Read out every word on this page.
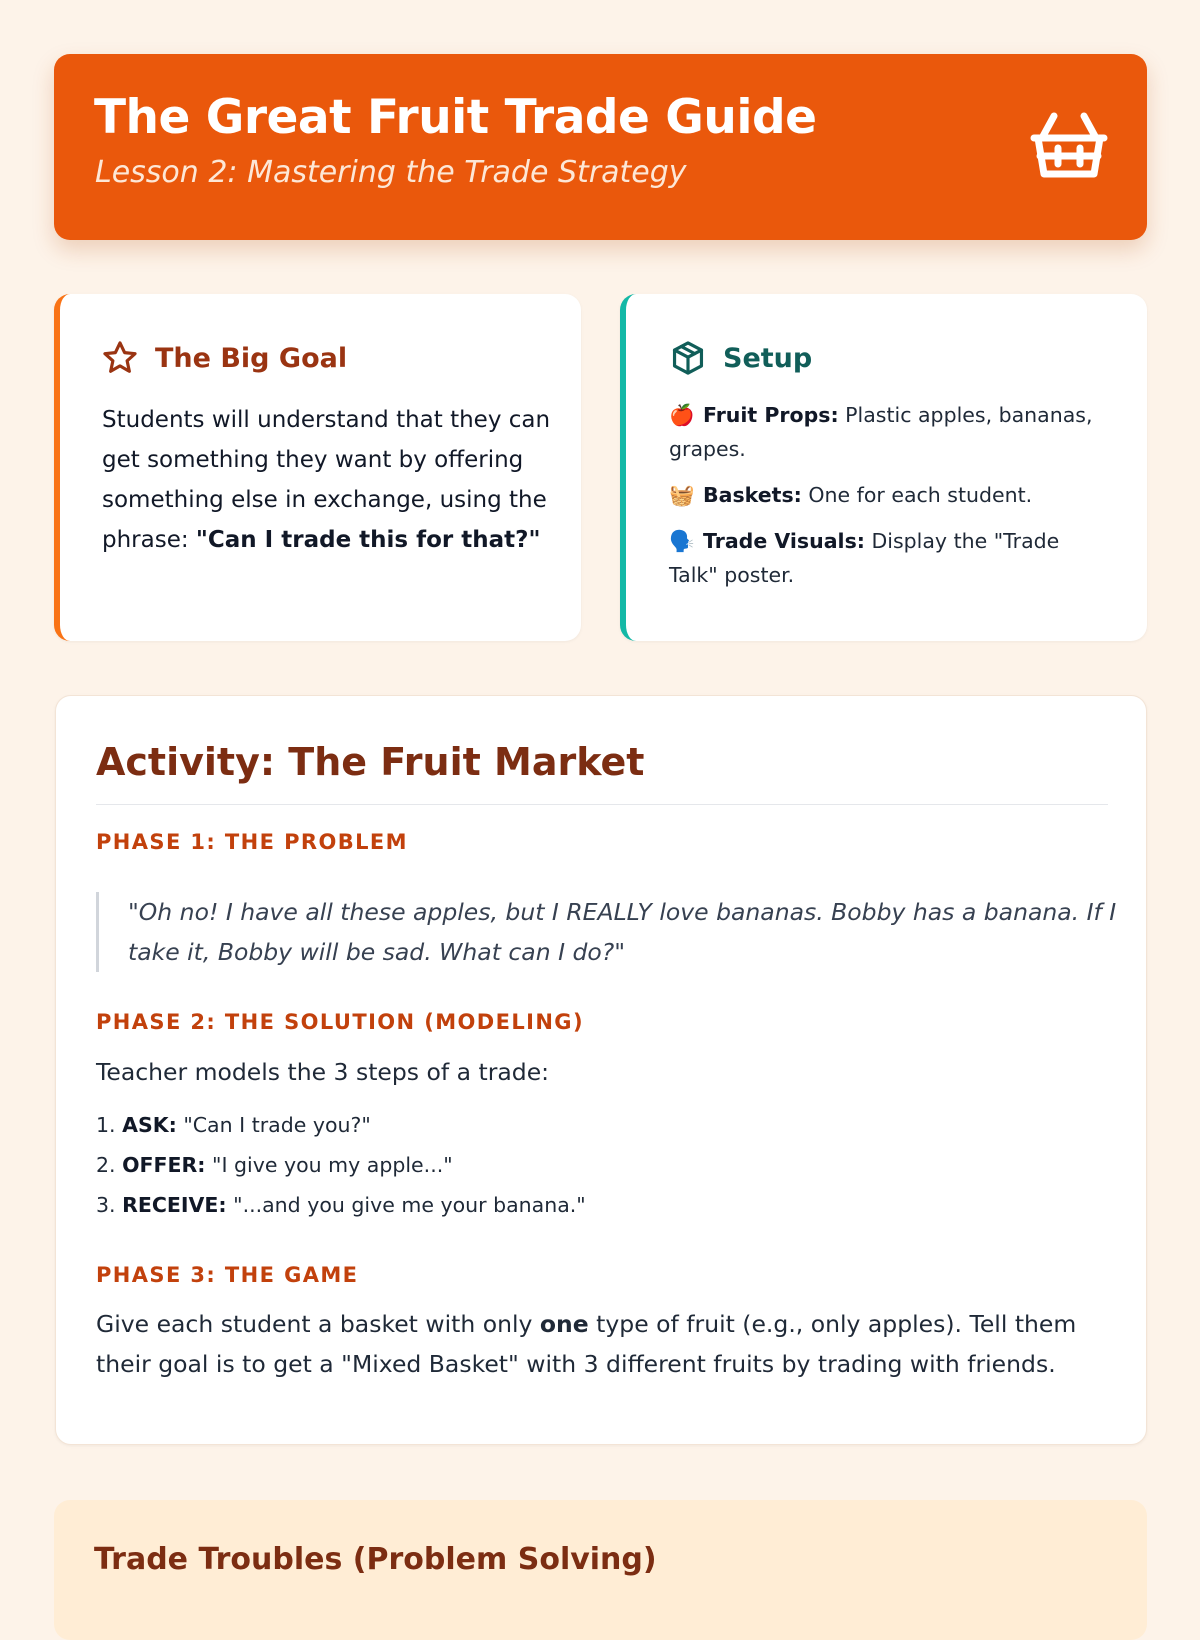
The Great Fruit Trade Guide
Lesson 2: Mastering the Trade Strategy
The Big Goal
Students will understand that they can get something they want by offering something else in exchange, using the phrase: "Can I trade this for that?"
Setup
🍎 Fruit Props: Plastic apples, bananas, grapes.
🧺 Baskets: One for each student.
🗣️ Trade Visuals: Display the "Trade Talk" poster.
Activity: The Fruit Market
PHASE 1: THE PROBLEM
"Oh no! I have all these apples, but I REALLY love bananas. Bobby has a banana. If I take it, Bobby will be sad. What can I do?"
PHASE 2: THE SOLUTION (MODELING)
Teacher models the 3 steps of a trade:
1. ASK: "Can I trade you?"
2. OFFER: "I give you my apple..."
3. RECEIVE: "...and you give me your banana."
PHASE 3: THE GAME
Give each student a basket with only one type of fruit (e.g., only apples). Tell them their goal is to get a "Mixed Basket" with 3 different fruits by trading with friends.
Trade Troubles (Problem Solving)
